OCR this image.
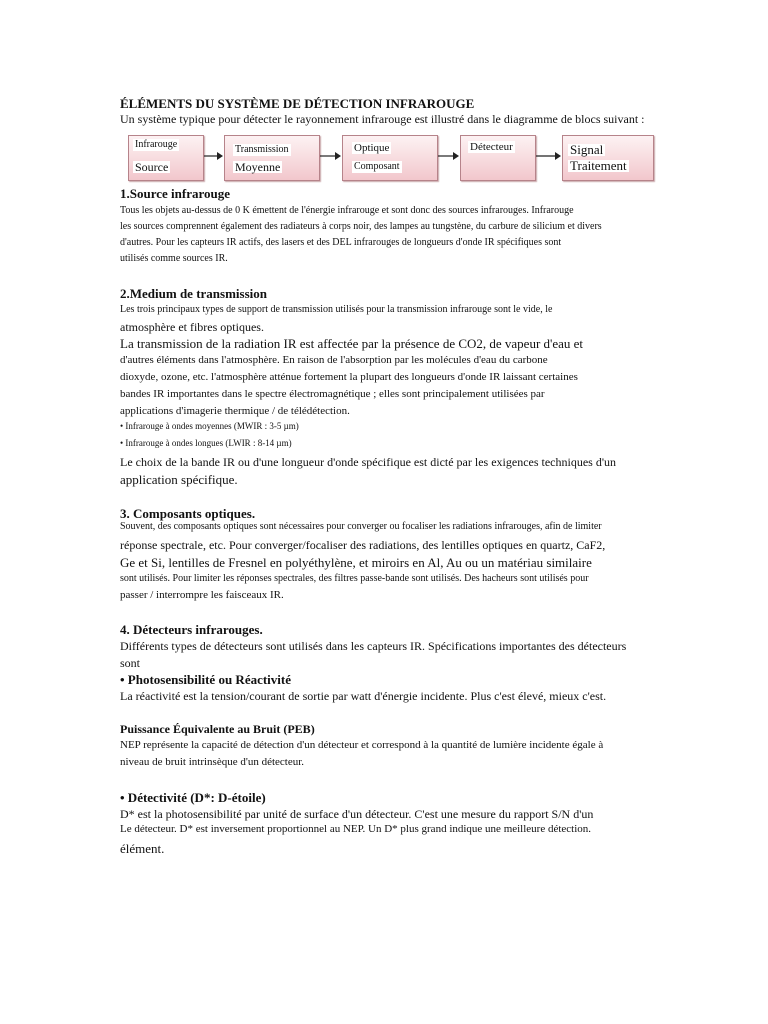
ÉLÉMENTS DU SYSTÈME DE DÉTECTION INFRAROUGE
Un système typique pour détecter le rayonnement infrarouge est illustré dans le diagramme de blocs suivant :
Infrarouge
Source
Transmission
Moyenne
Optique
Composant
Détecteur	Signal
Traitement
1.Source infrarouge
Tous les objets au-dessus de 0 K émettent de l'énergie infrarouge et sont donc des sources infrarouges. Infrarouge
les sources comprennent également des radiateurs à corps noir, des lampes au tungstène, du carbure de silicium et divers
d'autres. Pour les capteurs IR actifs, des lasers et des DEL infrarouges de longueurs d'onde IR spécifiques sont
utilisés comme sources IR.
2.Medium de transmission
Les trois principaux types de support de transmission utilisés pour la transmission infrarouge sont le vide, le
atmosphère et fibres optiques.
La transmission de la radiation IR est affectée par la présence de CO2, de vapeur d'eau et
d'autres éléments dans l'atmosphère. En raison de l'absorption par les molécules d'eau du carbone
dioxyde, ozone, etc. l'atmosphère atténue fortement la plupart des longueurs d'onde IR laissant certaines
bandes IR importantes dans le spectre électromagnétique ; elles sont principalement utilisées par
applications d'imagerie thermique / de télédétection.
• Infrarouge à ondes moyennes (MWIR : 3-5 µm)
• Infrarouge à ondes longues (LWIR : 8-14 µm)
Le choix de la bande IR ou d'une longueur d'onde spécifique est dicté par les exigences techniques d'un
application spécifique.
3. Composants optiques.
Souvent, des composants optiques sont nécessaires pour converger ou focaliser les radiations infrarouges, afin de limiter
réponse spectrale, etc. Pour converger/focaliser des radiations, des lentilles optiques en quartz, CaF2,
Ge et Si, lentilles de Fresnel en polyéthylène, et miroirs en Al, Au ou un matériau similaire
sont utilisés. Pour limiter les réponses spectrales, des filtres passe-bande sont utilisés. Des hacheurs sont utilisés pour
passer / interrompre les faisceaux IR.
4. Détecteurs infrarouges.
Différents types de détecteurs sont utilisés dans les capteurs IR. Spécifications importantes des détecteurs
sont
• Photosensibilité ou Réactivité
La réactivité est la tension/courant de sortie par watt d'énergie incidente. Plus c'est élevé, mieux c'est.
Puissance Équivalente au Bruit (PEB)
NEP représente la capacité de détection d'un détecteur et correspond à la quantité de lumière incidente égale à
niveau de bruit intrinsèque d'un détecteur.
• Détectivité (D*: D-étoile)
D* est la photosensibilité par unité de surface d'un détecteur. C'est une mesure du rapport S/N d'un
Le détecteur. D* est inversement proportionnel au NEP. Un D* plus grand indique une meilleure détection.
élément.
